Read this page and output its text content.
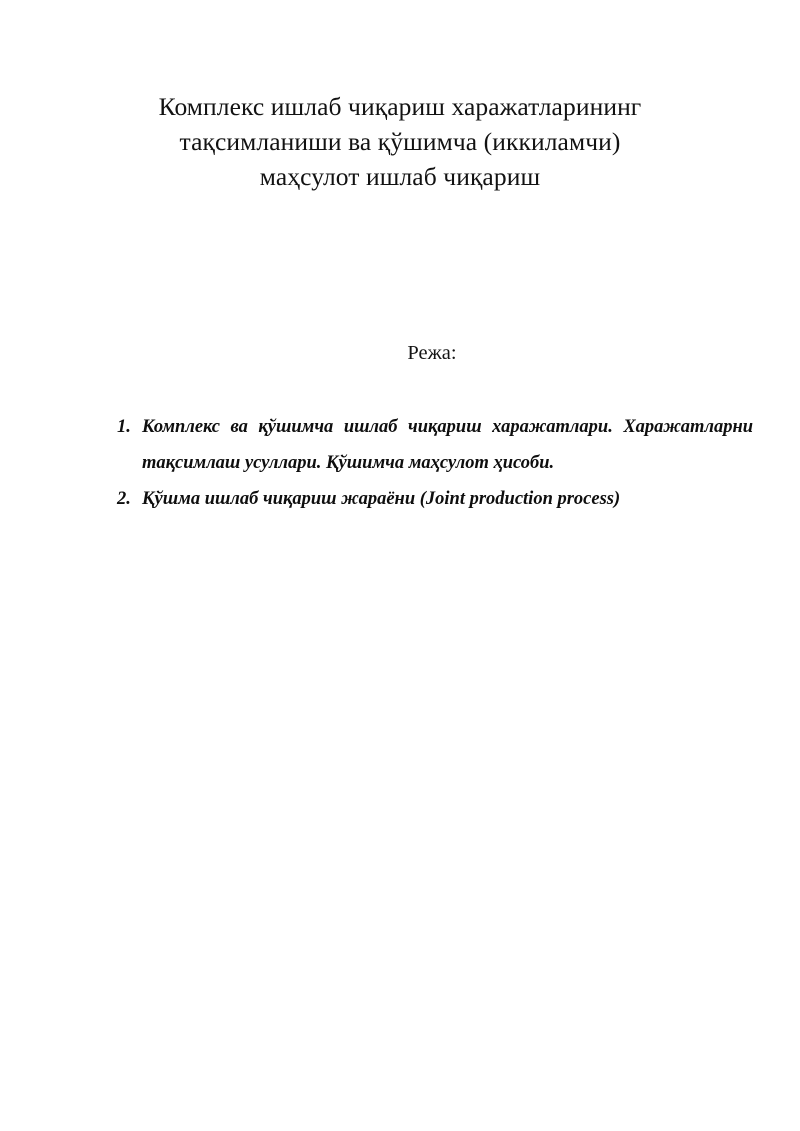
Комплекс ишлаб чиқариш харажатларининг
тақсимланиши ва қўшимча (иккиламчи)
маҳсулот ишлаб чиқариш
Режа:
1. Комплекс ва қўшимча ишлаб чиқариш харажатлари. Харажатларни тақсимлаш усуллари. Қўшимча маҳсулот ҳисоби.
2. Қўшма ишлаб чиқариш жараёни (Joint production process)
